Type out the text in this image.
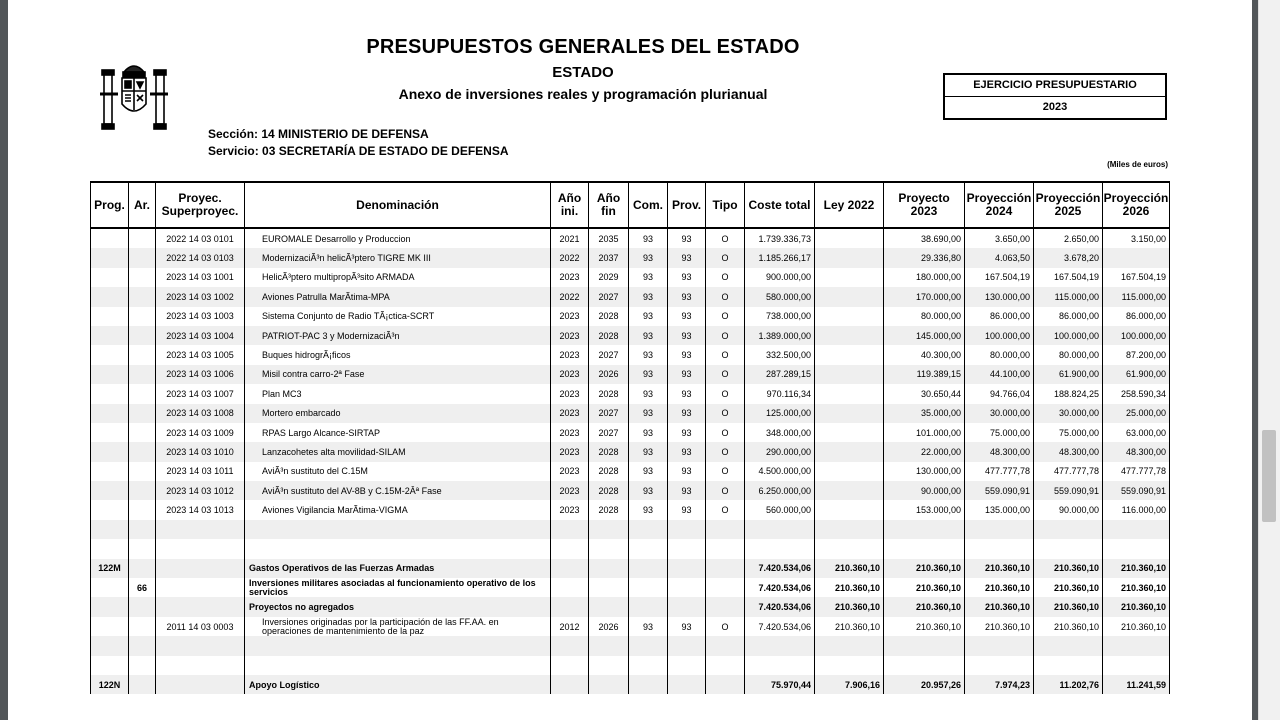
PRESUPUESTOS GENERALES DEL ESTADO
ESTADO
Anexo de inversiones reales y programación plurianual
EJERCICIO PRESUPUESTARIO
2023
Sección: 14 MINISTERIO DE DEFENSA
Servicio: 03 SECRETARÍA DE ESTADO DE DEFENSA
(Miles de euros)
Prog.	Ar.	Proyec. Superproyec.	Denominación	Año ini.	Año fin	Com.	Prov.	Tipo	Coste total	Ley 2022	Proyecto 2023	Proyección 2024	Proyección 2025	Proyección 2026
		2022 14 03 0101	EUROMALE Desarrollo y Produccion	2021	2035	93	93	O	1.739.336,73		38.690,00	3.650,00	2.650,00	3.150,00
		2022 14 03 0103	ModernizaciÃ³n helicÃ³ptero TIGRE MK III	2022	2037	93	93	O	1.185.266,17		29.336,80	4.063,50	3.678,20	
		2023 14 03 1001	HelicÃ³ptero multipropÃ³sito ARMADA	2023	2029	93	93	O	900.000,00		180.000,00	167.504,19	167.504,19	167.504,19
		2023 14 03 1002	Aviones Patrulla MarÃtima-MPA	2022	2027	93	93	O	580.000,00		170.000,00	130.000,00	115.000,00	115.000,00
		2023 14 03 1003	Sistema Conjunto de Radio TÃ¡ctica-SCRT	2023	2028	93	93	O	738.000,00		80.000,00	86.000,00	86.000,00	86.000,00
		2023 14 03 1004	PATRIOT-PAC 3 y ModernizaciÃ³n	2023	2028	93	93	O	1.389.000,00		145.000,00	100.000,00	100.000,00	100.000,00
		2023 14 03 1005	Buques hidrogrÃ¡ficos	2023	2027	93	93	O	332.500,00		40.300,00	80.000,00	80.000,00	87.200,00
		2023 14 03 1006	Misil contra carro-2ª Fase	2023	2026	93	93	O	287.289,15		119.389,15	44.100,00	61.900,00	61.900,00
		2023 14 03 1007	Plan MC3	2023	2028	93	93	O	970.116,34		30.650,44	94.766,04	188.824,25	258.590,34
		2023 14 03 1008	Mortero embarcado	2023	2027	93	93	O	125.000,00		35.000,00	30.000,00	30.000,00	25.000,00
		2023 14 03 1009	RPAS Largo Alcance-SIRTAP	2023	2027	93	93	O	348.000,00		101.000,00	75.000,00	75.000,00	63.000,00
		2023 14 03 1010	Lanzacohetes alta movilidad-SILAM	2023	2028	93	93	O	290.000,00		22.000,00	48.300,00	48.300,00	48.300,00
		2023 14 03 1011	AviÃ³n sustituto del C.15M	2023	2028	93	93	O	4.500.000,00		130.000,00	477.777,78	477.777,78	477.777,78
		2023 14 03 1012	AviÃ³n sustituto del AV-8B y C.15M-2Âª Fase	2023	2028	93	93	O	6.250.000,00		90.000,00	559.090,91	559.090,91	559.090,91
		2023 14 03 1013	Aviones Vigilancia MarÃtima-VIGMA	2023	2028	93	93	O	560.000,00		153.000,00	135.000,00	90.000,00	116.000,00

122M			Gastos Operativos de las Fuerzas Armadas						7.420.534,06	210.360,10	210.360,10	210.360,10	210.360,10	210.360,10
	66		Inversiones militares asociadas al funcionamiento operativo de los servicios						7.420.534,06	210.360,10	210.360,10	210.360,10	210.360,10	210.360,10
			Proyectos no agregados						7.420.534,06	210.360,10	210.360,10	210.360,10	210.360,10	210.360,10
		2011 14 03 0003	Inversiones originadas por la participación de las FF.AA. en operaciones de mantenimiento de la paz	2012	2026	93	93	O	7.420.534,06	210.360,10	210.360,10	210.360,10	210.360,10	210.360,10

122N			Apoyo Logístico						75.970,44	7.906,16	20.957,26	7.974,23	11.202,76	11.241,59
